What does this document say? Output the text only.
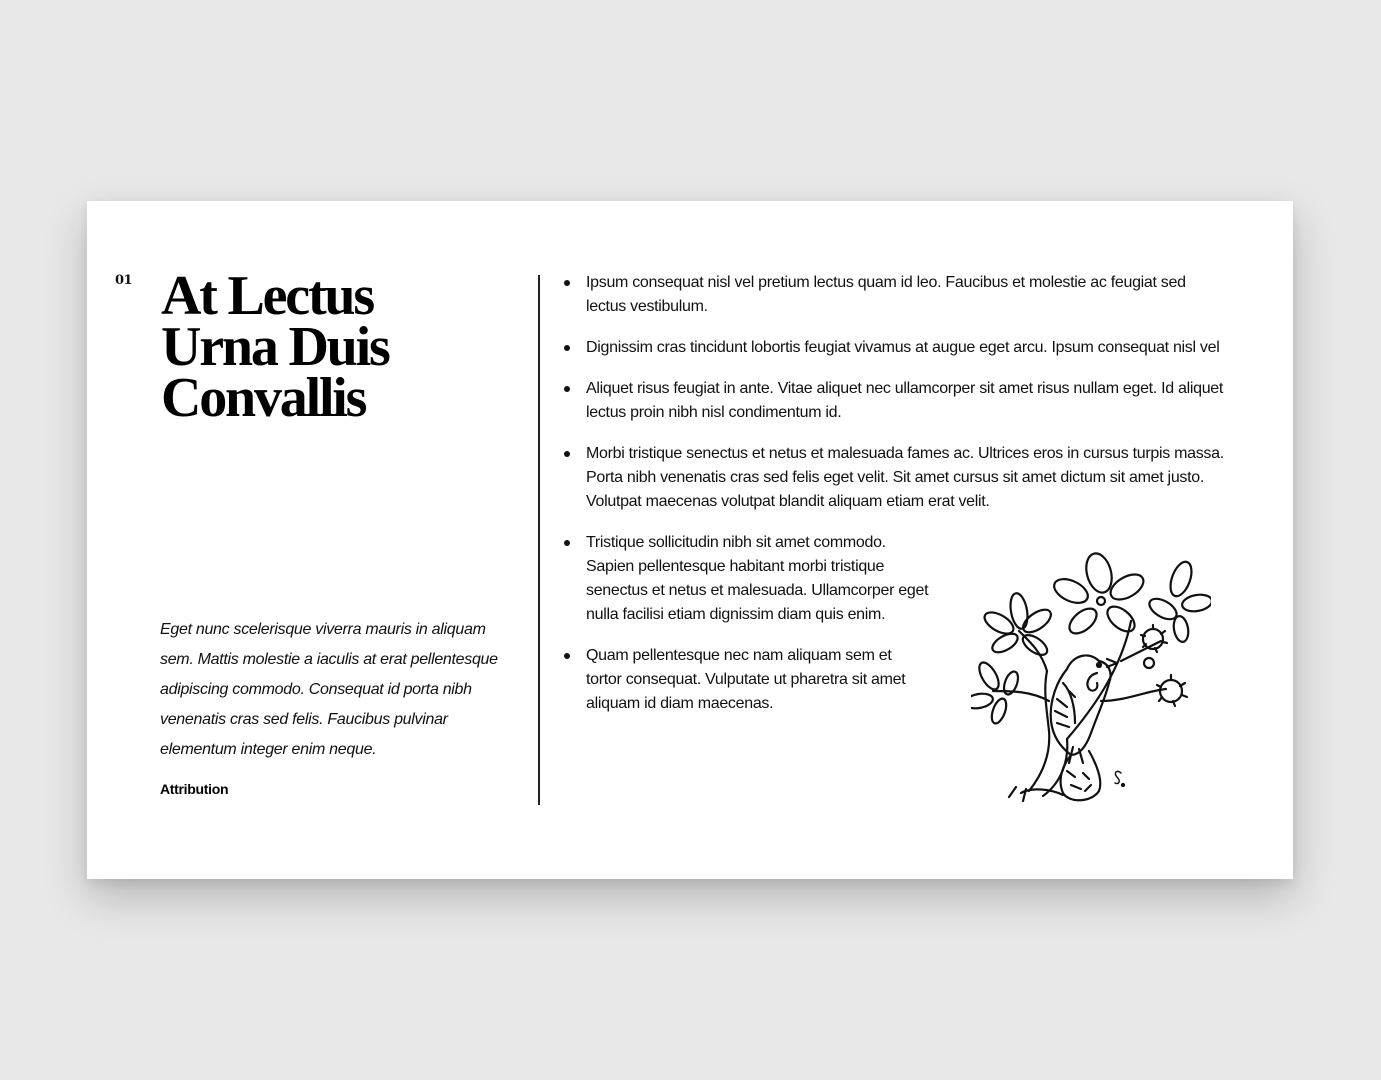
01 At Lectus
Urna Duis
Convallis

Eget nunc scelerisque viverra mauris in aliquam sem. Mattis molestie a iaculis at erat pellentesque adipiscing commodo. Consequat id porta nibh venenatis cras sed felis. Faucibus pulvinar elementum integer enim neque.

Attribution
Ipsum consequat nisl vel pretium lectus quam id leo. Faucibus et molestie ac feugiat sed lectus vestibulum.
Dignissim cras tincidunt lobortis feugiat vivamus at augue eget arcu. Ipsum consequat nisl vel
Aliquet risus feugiat in ante. Vitae aliquet nec ullamcorper sit amet risus nullam eget. Id aliquet lectus proin nibh nisl condimentum id.
Morbi tristique senectus et netus et malesuada fames ac. Ultrices eros in cursus turpis massa. Porta nibh venenatis cras sed felis eget velit. Sit amet cursus sit amet dictum sit amet justo. Volutpat maecenas volutpat blandit aliquam etiam erat velit.
Tristique sollicitudin nibh sit amet commodo. Sapien pellentesque habitant morbi tristique senectus et netus et malesuada. Ullamcorper eget nulla facilisi etiam dignissim diam quis enim.
Quam pellentesque nec nam aliquam sem et tortor consequat. Vulputate ut pharetra sit amet aliquam id diam maecenas.
